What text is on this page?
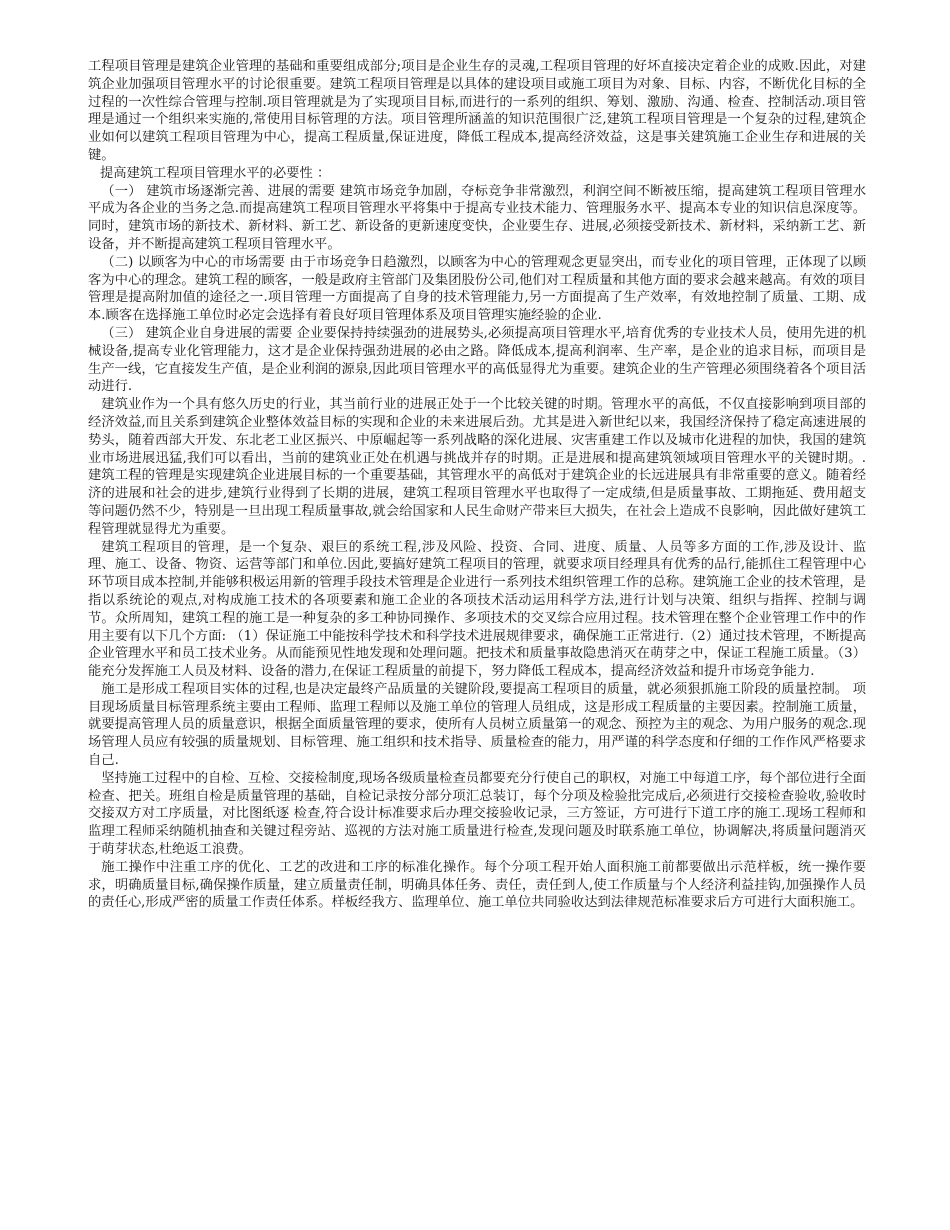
工程项目管理是建筑企业管理的基础和重要组成部分;项目是企业生存的灵魂,工程项目管理的好坏直接决定着企业的成败.因此，对建筑企业加强项目管理水平的讨论很重要。建筑工程项目管理是以具体的建设项目或施工项目为对象、目标、内容，不断优化目标的全过程的一次性综合管理与控制.项目管理就是为了实现项目目标,而进行的一系列的组织、筹划、激励、沟通、检查、控制活动.项目管理是通过一个组织来实施的,常使用目标管理的方法。项目管理所涵盖的知识范围很广泛,建筑工程项目管理是一个复杂的过程,建筑企业如何以建筑工程项目管理为中心，提高工程质量,保证进度，降低工程成本,提高经济效益，这是事关建筑施工企业生存和进展的关键。

提高建筑工程项目管理水平的必要性 ：

（一） 建筑市场逐渐完善、进展的需要 建筑市场竞争加剧，夺标竞争非常激烈，利润空间不断被压缩，提高建筑工程项目管理水平成为各企业的当务之急.而提高建筑工程项目管理水平将集中于提高专业技术能力、管理服务水平、提高本专业的知识信息深度等。同时，建筑市场的新技术、新材料、新工艺、新设备的更新速度变快，企业要生存、进展,必须接受新技术、新材料，采纳新工艺、新设备，并不断提高建筑工程项目管理水平。

（二) 以顾客为中心的市场需要 由于市场竞争日趋激烈，以顾客为中心的管理观念更显突出，而专业化的项目管理，正体现了以顾客为中心的理念。建筑工程的顾客，一般是政府主管部门及集团股份公司,他们对工程质量和其他方面的要求会越来越高。有效的项目管理是提高附加值的途径之一.项目管理一方面提高了自身的技术管理能力,另一方面提高了生产效率，有效地控制了质量、工期、成本.顾客在选择施工单位时必定会选择有着良好项目管理体系及项目管理实施经验的企业.

（三） 建筑企业自身进展的需要 企业要保持持续强劲的进展势头,必须提高项目管理水平,培育优秀的专业技术人员，使用先进的机械设备,提高专业化管理能力，这才是企业保持强劲进展的必由之路。降低成本,提高利润率、生产率，是企业的追求目标，而项目是生产一线，它直接发生产值，是企业利润的源泉,因此项目管理水平的高低显得尤为重要。建筑企业的生产管理必须围绕着各个项目活动进行.

建筑业作为一个具有悠久历史的行业，其当前行业的进展正处于一个比较关键的时期。管理水平的高低，不仅直接影响到项目部的经济效益,而且关系到建筑企业整体效益目标的实现和企业的未来进展后劲。尤其是进入新世纪以来，我国经济保持了稳定高速进展的势头，随着西部大开发、东北老工业区振兴、中原崛起等一系列战略的深化进展、灾害重建工作以及城市化进程的加快，我国的建筑业市场进展迅猛,我们可以看出，当前的建筑业正处在机遇与挑战并存的时期。正是进展和提高建筑领域项目管理水平的关键时期。.建筑工程的管理是实现建筑企业进展目标的一个重要基础，其管理水平的高低对于建筑企业的长远进展具有非常重要的意义。随着经济的进展和社会的进步,建筑行业得到了长期的进展，建筑工程项目管理水平也取得了一定成绩,但是质量事故、工期拖延、费用超支等问题仍然不少，特别是一旦出现工程质量事故,就会给国家和人民生命财产带来巨大损失，在社会上造成不良影响，因此做好建筑工程管理就显得尤为重要。

建筑工程项目的管理，是一个复杂、艰巨的系统工程,涉及风险、投资、合同、进度、质量、人员等多方面的工作,涉及设计、监理、施工、设备、物资、运营等部门和单位.因此,要搞好建筑工程项目的管理，就要求项目经理具有优秀的品行,能抓住工程管理中心环节项目成本控制,并能够积极运用新的管理手段技术管理是企业进行一系列技术组织管理工作的总称。建筑施工企业的技术管理，是指以系统论的观点,对构成施工技术的各项要素和施工企业的各项技术活动运用科学方法,进行计划与决策、组织与指挥、控制与调节。众所周知，建筑工程的施工是一种复杂的多工种协同操作、多项技术的交叉综合应用过程。技术管理在整个企业管理工作中的作用主要有以下几个方面: （1）保证施工中能按科学技术和科学技术进展规律要求，确保施工正常进行.（2）通过技术管理，不断提高企业管理水平和员工技术业务。从而能预见性地发现和处理问题。把技术和质量事故隐患消灭在萌芽之中，保证工程施工质量。（3）能充分发挥施工人员及材料、设备的潜力,在保证工程质量的前提下，努力降低工程成本，提高经济效益和提升市场竞争能力.

施工是形成工程项目实体的过程,也是决定最终产品质量的关键阶段,要提高工程项目的质量，就必须狠抓施工阶段的质量控制。 项目现场质量目标管理系统主要由工程师、监理工程师以及施工单位的管理人员组成，这是形成工程质量的主要因素。控制施工质量，就要提高管理人员的质量意识，根据全面质量管理的要求，使所有人员树立质量第一的观念、预控为主的观念、为用户服务的观念.现场管理人员应有较强的质量规划、目标管理、施工组织和技术指导、质量检查的能力，用严谨的科学态度和仔细的工作作风严格要求自己.

坚持施工过程中的自检、互检、交接检制度,现场各级质量检查员都要充分行使自己的职权，对施工中每道工序，每个部位进行全面检查、把关。班组自检是质量管理的基础，自检记录按分部分项汇总装订，每个分项及检验批完成后,必须进行交接检查验收,验收时交接双方对工序质量，对比图纸逐 检查,符合设计标准要求后办理交接验收记录，三方签证，方可进行下道工序的施工.现场工程师和监理工程师采纳随机抽查和关键过程旁站、巡视的方法对施工质量进行检查,发现问题及时联系施工单位，协调解决,将质量问题消灭于萌芽状态,杜绝返工浪费。

施工操作中注重工序的优化、工艺的改进和工序的标准化操作。每个分项工程开始人面积施工前都要做出示范样板，统一操作要求，明确质量目标,确保操作质量，建立质量责任制，明确具体任务、责任，责任到人,使工作质量与个人经济利益挂钩,加强操作人员的责任心,形成严密的质量工作责任体系。样板经我方、监理单位、施工单位共同验收达到法律规范标准要求后方可进行大面积施工。
